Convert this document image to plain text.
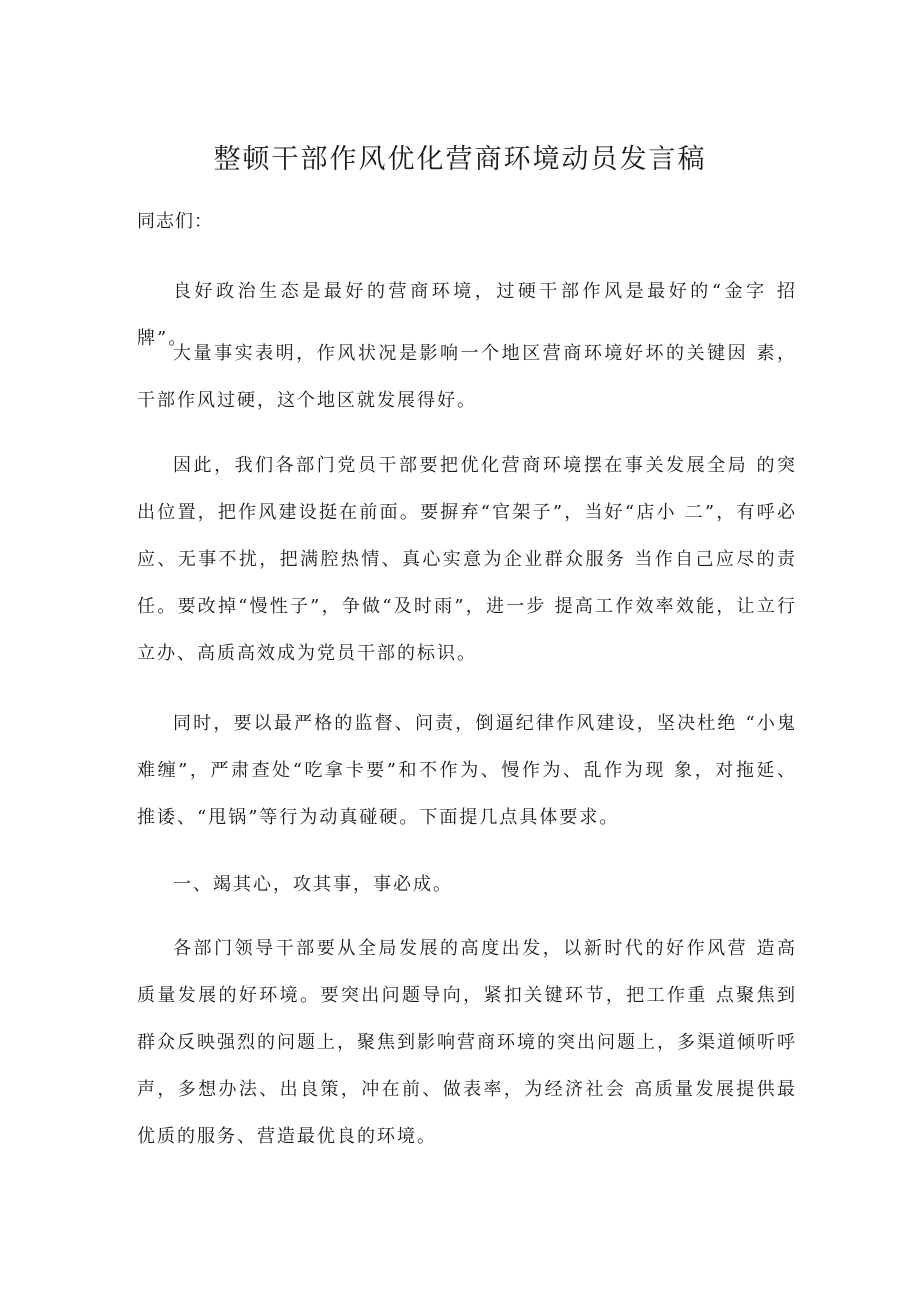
整顿干部作风优化营商环境动员发言稿

同志们：

良好政治生态是最好的营商环境，过硬干部作风是最好的“金字 招牌”。

大量事实表明，作风状况是影响一个地区营商环境好坏的关键因 素，干部作风过硬，这个地区就发展得好。

因此，我们各部门党员干部要把优化营商环境摆在事关发展全局 的突出位置，把作风建设挺在前面。要摒弃“官架子”，当好“店小 二”，有呼必应、无事不扰，把满腔热情、真心实意为企业群众服务 当作自己应尽的责任。要改掉“慢性子”，争做“及时雨”，进一步 提高工作效率效能，让立行立办、高质高效成为党员干部的标识。

同时，要以最严格的监督、问责，倒逼纪律作风建设，坚决杜绝 “小鬼难缠”，严肃查处“吃拿卡要”和不作为、慢作为、乱作为现 象，对拖延、推诿、“甩锅”等行为动真碰硬。下面提几点具体要求。

一、竭其心，攻其事，事必成。

各部门领导干部要从全局发展的高度出发，以新时代的好作风营 造高质量发展的好环境。要突出问题导向，紧扣关键环节，把工作重 点聚焦到群众反映强烈的问题上，聚焦到影响营商环境的突出问题上，多渠道倾听呼声，多想办法、出良策，冲在前、做表率，为经济社会 高质量发展提供最优质的服务、营造最优良的环境。
